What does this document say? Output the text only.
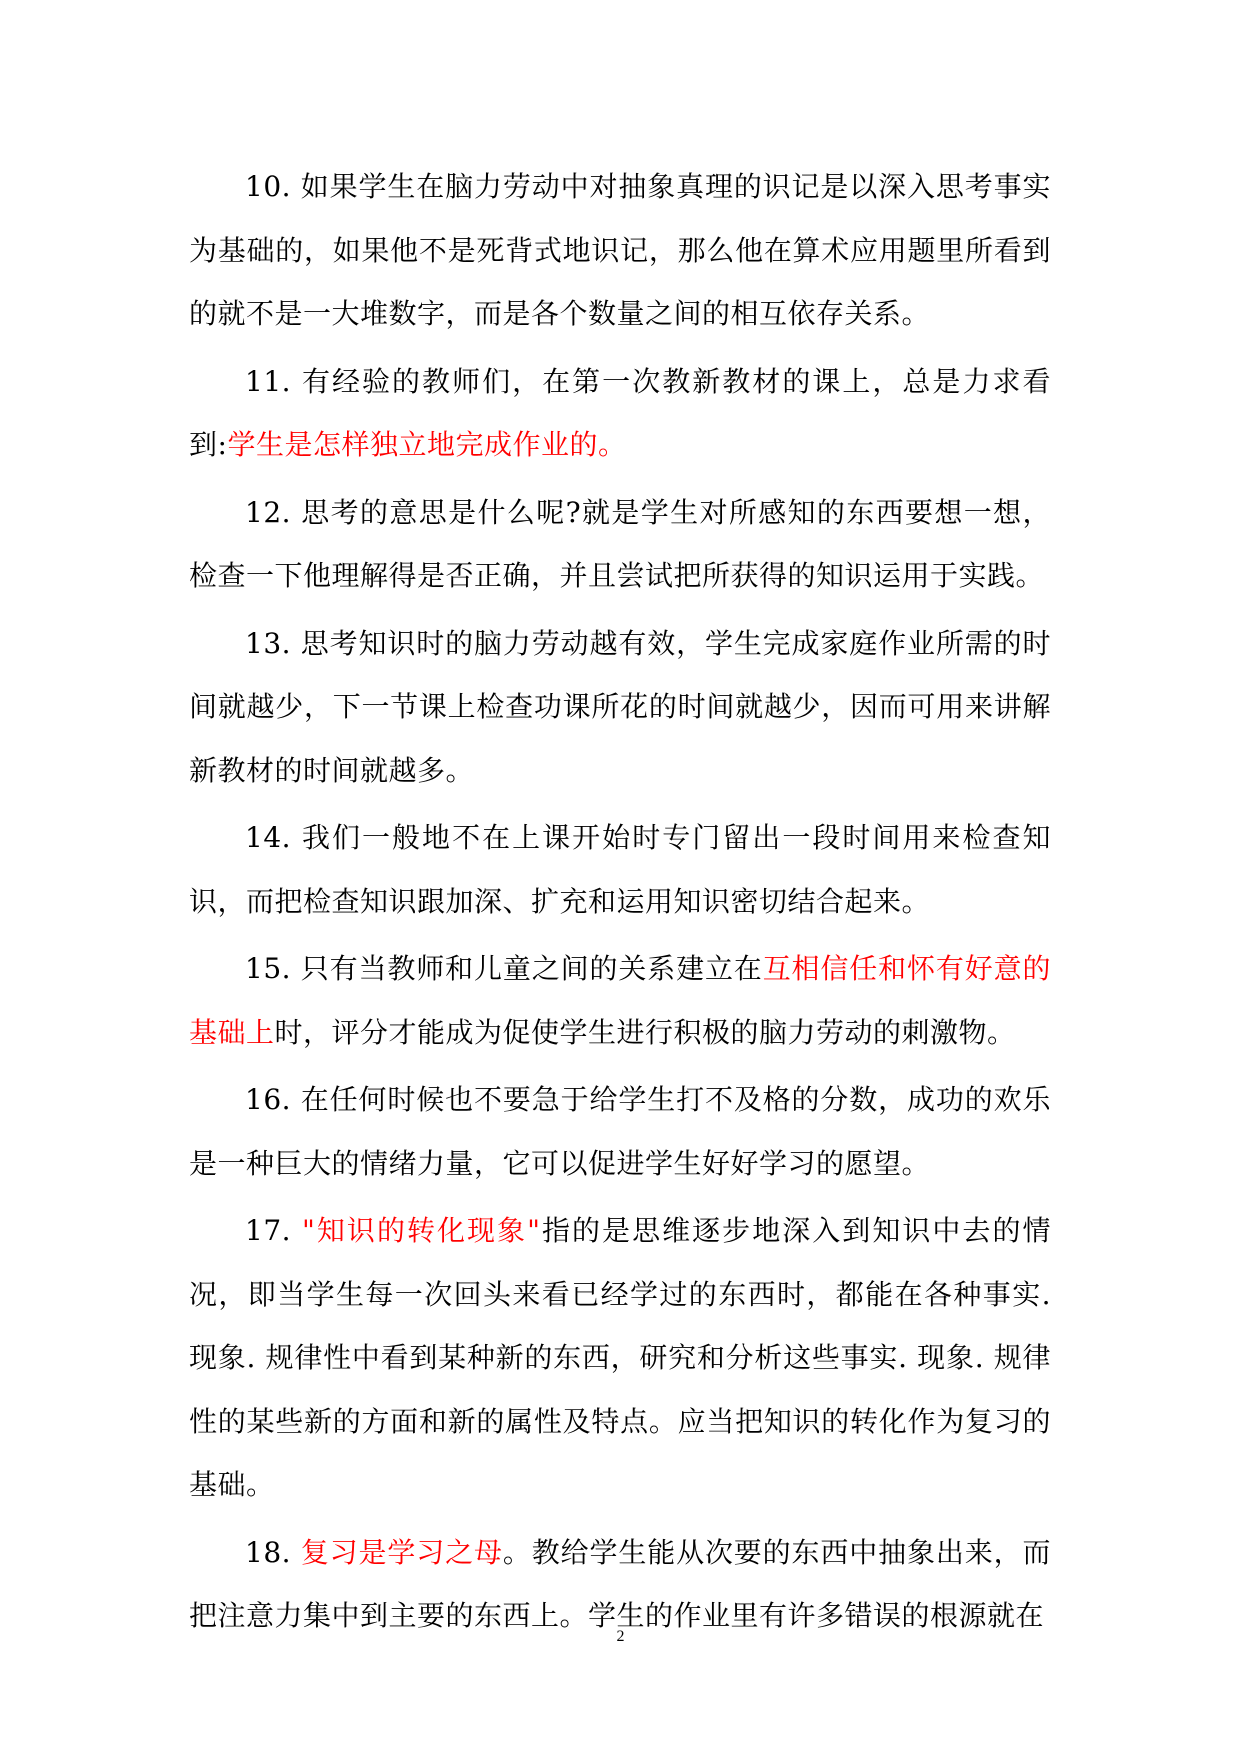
10. 如果学生在脑力劳动中对抽象真理的识记是以深入思考事实为基础的，如果他不是死背式地识记，那么他在算术应用题里所看到的就不是一大堆数字，而是各个数量之间的相互依存关系。

11. 有经验的教师们，在第一次教新教材的课上，总是力求看到:学生是怎样独立地完成作业的。

12. 思考的意思是什么呢?就是学生对所感知的东西要想一想，检查一下他理解得是否正确，并且尝试把所获得的知识运用于实践。

13. 思考知识时的脑力劳动越有效，学生完成家庭作业所需的时间就越少，下一节课上检查功课所花的时间就越少，因而可用来讲解新教材的时间就越多。

14. 我们一般地不在上课开始时专门留出一段时间用来检查知识，而把检查知识跟加深、扩充和运用知识密切结合起来。

15. 只有当教师和儿童之间的关系建立在互相信任和怀有好意的基础上时，评分才能成为促使学生进行积极的脑力劳动的刺激物。

16. 在任何时候也不要急于给学生打不及格的分数，成功的欢乐是一种巨大的情绪力量，它可以促进学生好好学习的愿望。

17. "知识的转化现象"指的是思维逐步地深入到知识中去的情况，即当学生每一次回头来看已经学过的东西时，都能在各种事实. 现象. 规律性中看到某种新的东西，研究和分析这些事实. 现象. 规律性的某些新的方面和新的属性及特点。应当把知识的转化作为复习的基础。

18. 复习是学习之母。教给学生能从次要的东西中抽象出来，而把注意力集中到主要的东西上。学生的作业里有许多错误的根源就在

2
